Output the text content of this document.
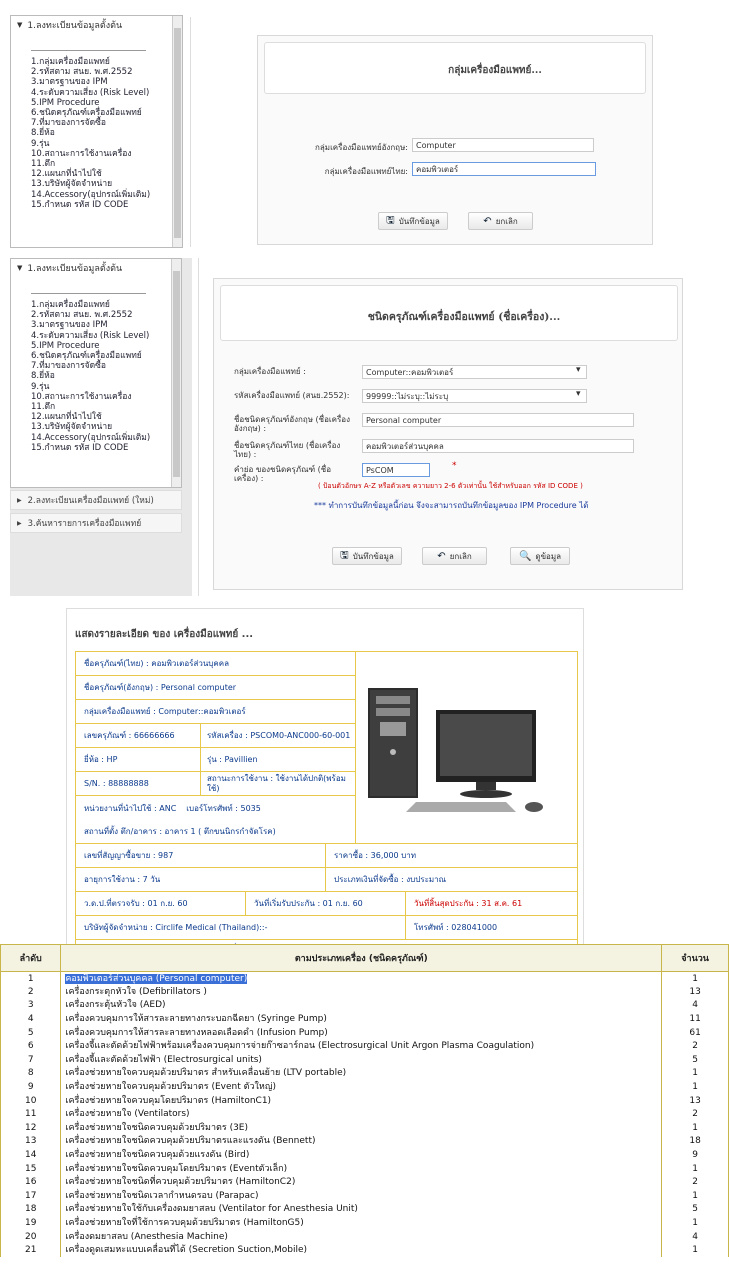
▼ 1.ลงทะเบียนข้อมูลตั้งต้น
1.กลุ่มเครื่องมือแพทย์
2.รหัสตาม สนย. พ.ศ.2552
3.มาตรฐานของ IPM
4.ระดับความเสี่ยง (Risk Level)
5.IPM Procedure
6.ชนิดครุภัณฑ์เครื่องมือแพทย์
7.ที่มาของการจัดซื้อ
8.ยี่ห้อ
9.รุ่น
10.สถานะการใช้งานเครื่อง
11.ตึก
12.แผนกที่นำไปใช้
13.บริษัทผู้จัดจำหน่าย
14.Accessory(อุปกรณ์เพิ่มเติม)
15.กำหนด รหัส ID CODE
กลุ่มเครื่องมือแพทย์...
กลุ่มเครื่องมือแพทย์อังกฤษ:	Computer
กลุ่มเครื่องมือแพทย์ไทย:	คอมพิวเตอร์
🖫 บันทึกข้อมูล	↶ ยกเลิก
▼ 1.ลงทะเบียนข้อมูลตั้งต้น
1.กลุ่มเครื่องมือแพทย์
2.รหัสตาม สนย. พ.ศ.2552
3.มาตรฐานของ IPM
4.ระดับความเสี่ยง (Risk Level)
5.IPM Procedure
6.ชนิดครุภัณฑ์เครื่องมือแพทย์
7.ที่มาของการจัดซื้อ
8.ยี่ห้อ
9.รุ่น
10.สถานะการใช้งานเครื่อง
11.ตึก
12.แผนกที่นำไปใช้
13.บริษัทผู้จัดจำหน่าย
14.Accessory(อุปกรณ์เพิ่มเติม)
15.กำหนด รหัส ID CODE
▶ 2.ลงทะเบียนเครื่องมือแพทย์ (ใหม่)
▶ 3.ค้นหารายการเครื่องมือแพทย์
ชนิดครุภัณฑ์เครื่องมือแพทย์ (ชื่อเครื่อง)...
กลุ่มเครื่องมือแพทย์ :	Computer::คอมพิวเตอร์	▾
รหัสเครื่องมือแพทย์ (สนย.2552):	99999::ไม่ระบุ::ไม่ระบุ	▾
ชื่อชนิดครุภัณฑ์อังกฤษ (ชื่อเครื่องอังกฤษ) :
Personal computer
ชื่อชนิดครุภัณฑ์ไทย (ชื่อเครื่องไทย) :
คอมพิวเตอร์ส่วนบุคคล
คำย่อ ของชนิดครุภัณฑ์ (ชื่อเครื่อง) :
PsCOM	*
( ป้อนตัวอักษร A-Z หรือตัวเลข ความยาว 2-6 ตัวเท่านั้น ใช้สำหรับออก รหัส ID CODE )
*** ทำการบันทึกข้อมูลนี้ก่อน จึงจะสามารถบันทึกข้อมูลของ IPM Procedure ได้
🖫 บันทึกข้อมูล	↶ ยกเลิก	🔍 ดูข้อมูล
แสดงรายละเอียด ของ เครื่องมือแพทย์ ...
ชื่อครุภัณฑ์(ไทย) : คอมพิวเตอร์ส่วนบุคคล
ชื่อครุภัณฑ์(อังกฤษ) : Personal computer
กลุ่มเครื่องมือแพทย์ : Computer::คอมพิวเตอร์
เลขครุภัณฑ์ : 66666666	รหัสเครื่อง : PSCOM0-ANC000-60-001
ยี่ห้อ : HP	รุ่น : Pavillien
S/N. : 88888888
สถานะการใช้งาน : ใช้งานได้ปกติ(พร้อมใช้)
หน่วยงานที่นำไปใช้ : ANC เบอร์โทรศัพท์ : 5035
สถานที่ตั้ง ตึก/อาคาร : อาคาร 1 ( ตึกขนนิกรกำจัดโรค)
เลขที่สัญญาซื้อขาย : 987	ราคาซื้อ : 36,000 บาท
อายุการใช้งาน : 7 วัน	ประเภทเงินที่จัดซื้อ : งบประมาณ
ว.ด.ป.ที่ตรวจรับ : 01 ก.ย. 60	วันที่เริ่มรับประกัน : 01 ก.ย. 60	วันที่สิ้นสุดประกัน : 31 ส.ค. 61
บริษัทผู้จัดจำหน่าย : Circlife Medical (Thailand)::-	โทรศัพท์ : 028041000
ลำดับ	ตามประเภทเครื่อง (ชนิดครุภัณฑ์)	จำนวน
1	คอมพิวเตอร์ส่วนบุคคล (Personal computer)	1
2	เครื่องกระตุกหัวใจ (Defibrillators )	13
3	เครื่องกระตุ้นหัวใจ (AED)	4
4	เครื่องควบคุมการให้สารละลายทางกระบอกฉีดยา (Syringe Pump)	11
5	เครื่องควบคุมการให้สารละลายทางหลอดเลือดดำ (Infusion Pump)	61
6	เครื่องจี้และตัดด้วยไฟฟ้าพร้อมเครื่องควบคุมการจ่ายก๊าซอาร์กอน (Electrosurgical Unit Argon Plasma Coagulation)	2
7	เครื่องจี้และตัดด้วยไฟฟ้า (Electrosurgical units)	5
8	เครื่องช่วยหายใจควบคุมด้วยปริมาตร สำหรับเคลื่อนย้าย (LTV portable)	1
9	เครื่องช่วยหายใจควบคุมด้วยปริมาตร (Event ตัวใหญ่)	1
10	เครื่องช่วยหายใจควบคุมโดยปริมาตร (HamiltonC1)	13
11	เครื่องช่วยหายใจ (Ventilators)	2
12	เครื่องช่วยหายใจชนิดควบคุมด้วยปริมาตร (3E)	1
13	เครื่องช่วยหายใจชนิดควบคุมด้วยปริมาตรและแรงดัน (Bennett)	18
14	เครื่องช่วยหายใจชนิดควบคุมด้วยแรงดัน (Bird)	9
15	เครื่องช่วยหายใจชนิดควบคุมโดยปริมาตร (Eventตัวเล็ก)	1
16	เครื่องช่วยหายใจชนิดที่ควบคุมด้วยปริมาตร (HamiltonC2)	2
17	เครื่องช่วยหายใจชนิดเวลากำหนดรอบ (Parapac)	1
18	เครื่องช่วยหายใจใช้กับเครื่องดมยาสลบ (Ventilator for Anesthesia Unit)	5
19	เครื่องช่วยหายใจที่ใช้การควบคุมด้วยปริมาตร (HamiltonG5)	1
20	เครื่องดมยาสลบ (Anesthesia Machine)	4
21	เครื่องดูดเสมหะแบบเคลื่อนที่ได้ (Secretion Suction,Mobile)	1
